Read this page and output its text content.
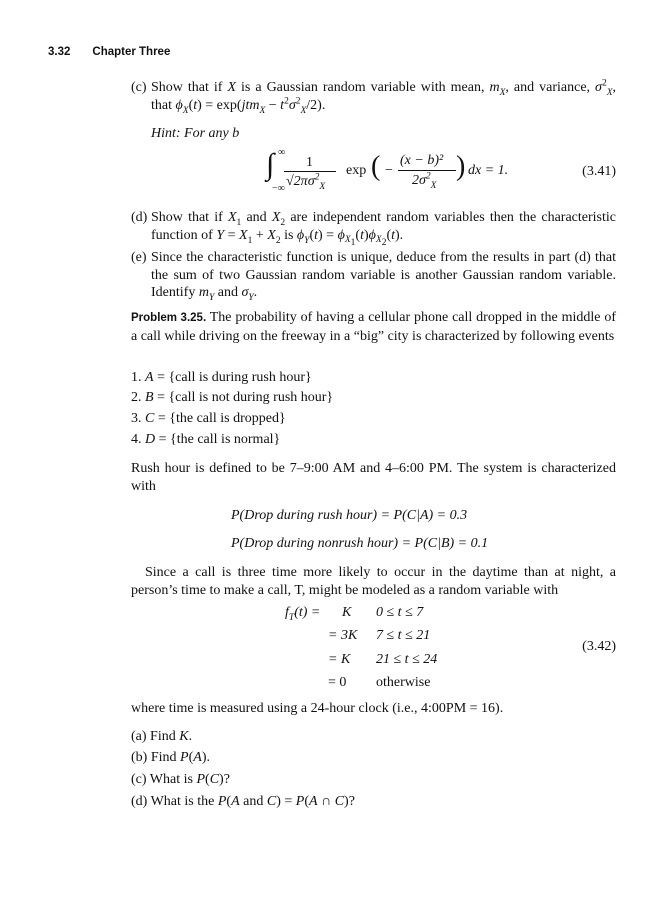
3.32 Chapter Three
(c) Show that if X is a Gaussian random variable with mean, $m_X$, and variance, $\sigma^2_X$, that $\phi_X(t) = \exp(jtm_X - t^2\sigma^2_X/2)$.
Hint: For any b
∫ ∞
−∞
1
$√2\pi\sigma^2_X$
exp ( −
(x − b)²
$2\sigma^2_X$
) dx = 1.	(3.41)
(d) Show that if $X_1$ and $X_2$ are independent random variables then the characteristic function of $Y = X_1 + X_2$ is $\phi_Y(t) = \phi_{X_1}(t)\phi_{X_2}(t)$.
(e) Since the characteristic function is unique, deduce from the results in part (d) that the sum of two Gaussian random variable is another Gaussian random variable. Identify $m_Y$ and $\sigma_Y$.
Problem 3.25. The probability of having a cellular phone call dropped in the middle of a call while driving on the freeway in a “big” city is characterized by following events
1. A = {call is during rush hour}
2. B = {call is not during rush hour}
3. C = {the call is dropped}
4. D = {the call is normal}
Rush hour is defined to be 7–9:00 AM and 4–6:00 PM. The system is characterized with
P(Drop during rush hour) = P(C|A) = 0.3
P(Drop during nonrush hour) = P(C|B) = 0.1
Since a call is three time more likely to occur in the daytime than at night, a person’s time to make a call, T, might be modeled as a random variable with
$f_T(t) = K$ 0 ≤ t ≤ 7
= 3K 7 ≤ t ≤ 21
= K 21 ≤ t ≤ 24
= 0 otherwise
(3.42)
where time is measured using a 24-hour clock (i.e., 4:00PM = 16).
(a) Find K.
(b) Find P(A).
(c) What is P(C)?
(d) What is the P(A and C) = P(A ∩ C)?
